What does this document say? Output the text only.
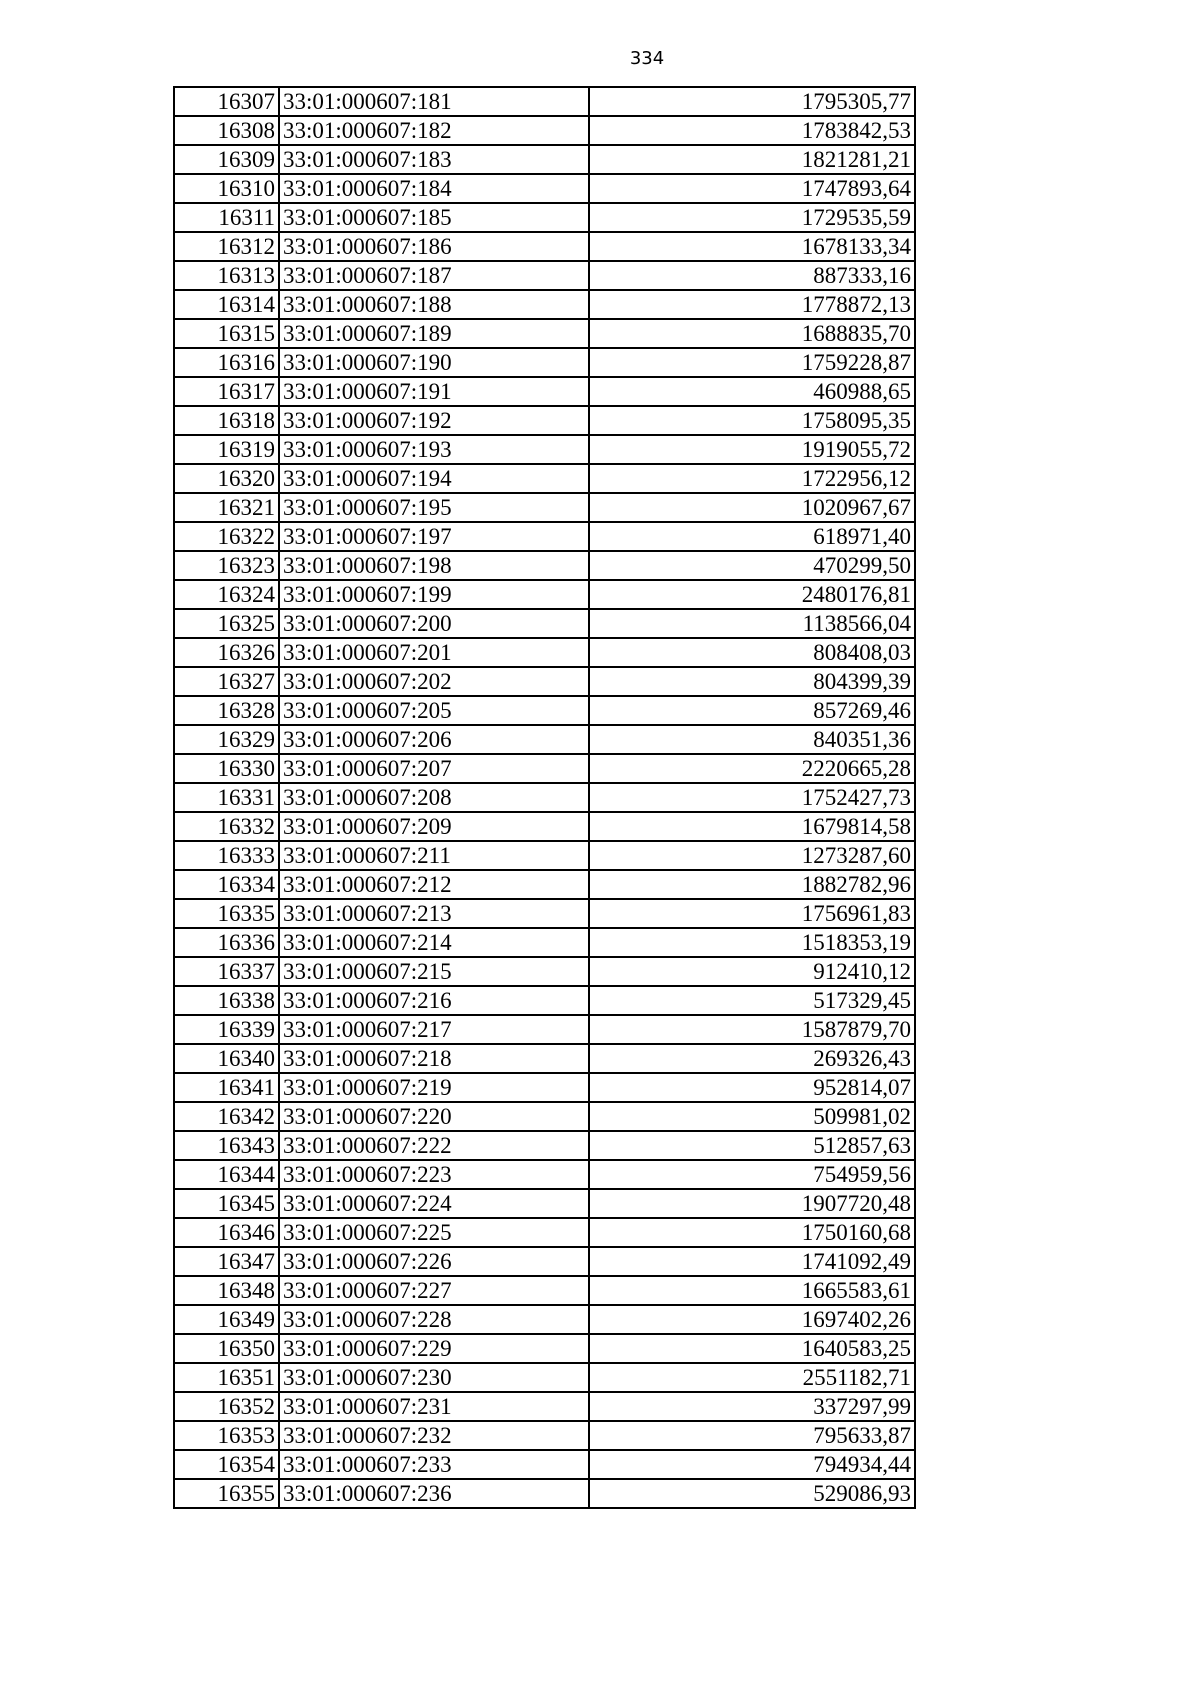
334
16307	33:01:000607:181	1795305,77
16308	33:01:000607:182	1783842,53
16309	33:01:000607:183	1821281,21
16310	33:01:000607:184	1747893,64
16311	33:01:000607:185	1729535,59
16312	33:01:000607:186	1678133,34
16313	33:01:000607:187	887333,16
16314	33:01:000607:188	1778872,13
16315	33:01:000607:189	1688835,70
16316	33:01:000607:190	1759228,87
16317	33:01:000607:191	460988,65
16318	33:01:000607:192	1758095,35
16319	33:01:000607:193	1919055,72
16320	33:01:000607:194	1722956,12
16321	33:01:000607:195	1020967,67
16322	33:01:000607:197	618971,40
16323	33:01:000607:198	470299,50
16324	33:01:000607:199	2480176,81
16325	33:01:000607:200	1138566,04
16326	33:01:000607:201	808408,03
16327	33:01:000607:202	804399,39
16328	33:01:000607:205	857269,46
16329	33:01:000607:206	840351,36
16330	33:01:000607:207	2220665,28
16331	33:01:000607:208	1752427,73
16332	33:01:000607:209	1679814,58
16333	33:01:000607:211	1273287,60
16334	33:01:000607:212	1882782,96
16335	33:01:000607:213	1756961,83
16336	33:01:000607:214	1518353,19
16337	33:01:000607:215	912410,12
16338	33:01:000607:216	517329,45
16339	33:01:000607:217	1587879,70
16340	33:01:000607:218	269326,43
16341	33:01:000607:219	952814,07
16342	33:01:000607:220	509981,02
16343	33:01:000607:222	512857,63
16344	33:01:000607:223	754959,56
16345	33:01:000607:224	1907720,48
16346	33:01:000607:225	1750160,68
16347	33:01:000607:226	1741092,49
16348	33:01:000607:227	1665583,61
16349	33:01:000607:228	1697402,26
16350	33:01:000607:229	1640583,25
16351	33:01:000607:230	2551182,71
16352	33:01:000607:231	337297,99
16353	33:01:000607:232	795633,87
16354	33:01:000607:233	794934,44
16355	33:01:000607:236	529086,93
